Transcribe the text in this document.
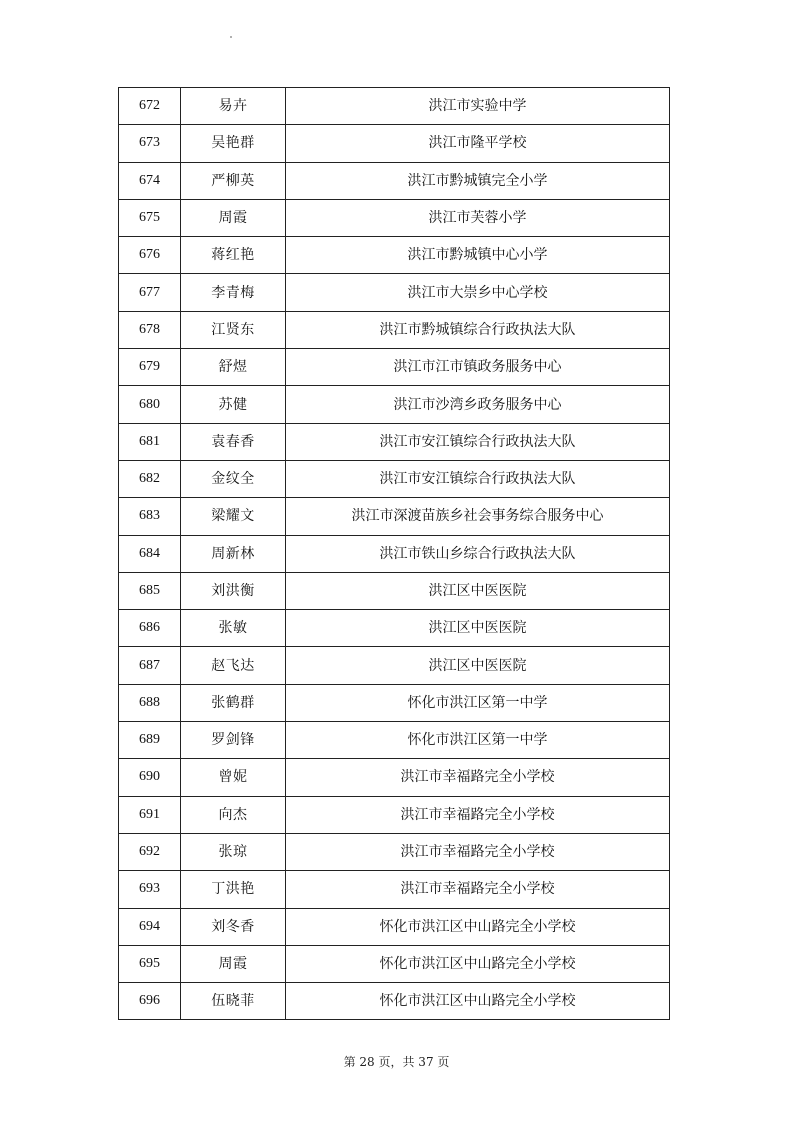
672	易卉	洪江市实验中学
673	吴艳群	洪江市隆平学校
674	严柳英	洪江市黔城镇完全小学
675	周霞	洪江市芙蓉小学
676	蒋红艳	洪江市黔城镇中心小学
677	李青梅	洪江市大崇乡中心学校
678	江贤东	洪江市黔城镇综合行政执法大队
679	舒煜	洪江市江市镇政务服务中心
680	苏健	洪江市沙湾乡政务服务中心
681	袁春香	洪江市安江镇综合行政执法大队
682	金纹全	洪江市安江镇综合行政执法大队
683	梁耀文	洪江市深渡苗族乡社会事务综合服务中心
684	周新林	洪江市铁山乡综合行政执法大队
685	刘洪衡	洪江区中医医院
686	张敏	洪江区中医医院
687	赵飞达	洪江区中医医院
688	张鹤群	怀化市洪江区第一中学
689	罗剑锋	怀化市洪江区第一中学
690	曾妮	洪江市幸福路完全小学校
691	向杰	洪江市幸福路完全小学校
692	张琼	洪江市幸福路完全小学校
693	丁洪艳	洪江市幸福路完全小学校
694	刘冬香	怀化市洪江区中山路完全小学校
695	周霞	怀化市洪江区中山路完全小学校
696	伍晓菲	怀化市洪江区中山路完全小学校
第 28 页，共 37 页
